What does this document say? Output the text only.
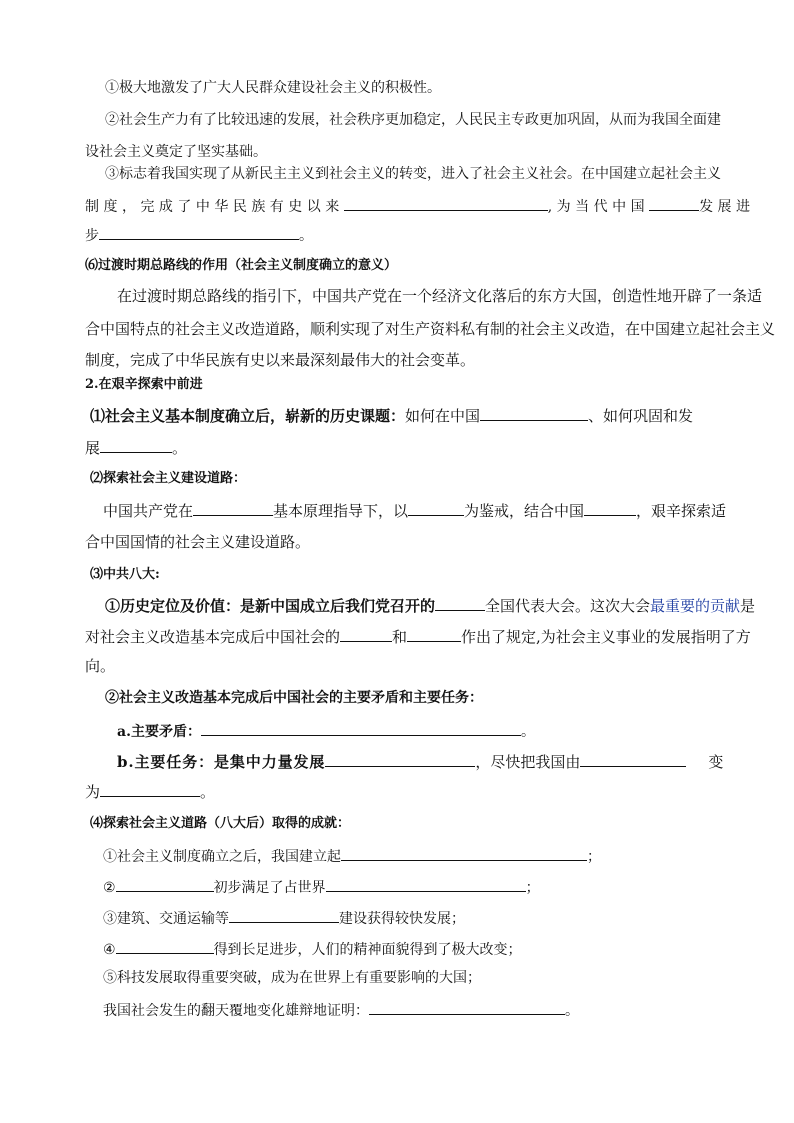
①极大地激发了广大人民群众建设社会主义的积极性。
②社会生产力有了比较迅速的发展，社会秩序更加稳定，人民民主专政更加巩固，从而为我国全面建
设社会主义奠定了坚实基础。
③标志着我国实现了从新民主主义到社会主义的转变，进入了社会主义社会。在中国建立起社会主义
制度，完成了中华民族有史以来	,为当代中国	发展进
步	。
⑹过渡时期总路线的作用（社会主义制度确立的意义）
在过渡时期总路线的指引下，中国共产党在一个经济文化落后的东方大国，创造性地开辟了一条适
合中国特点的社会主义改造道路，顺利实现了对生产资料私有制的社会主义改造，在中国建立起社会主义
制度，完成了中华民族有史以来最深刻最伟大的社会变革。
2.在艰辛探索中前进
⑴社会主义基本制度确立后，崭新的历史课题：如何在中国	、如何巩固和发
展	。
⑵探索社会主义建设道路：
中国共产党在	基本原理指导下，以	为鉴戒，结合中国	，艰辛探索适
合中国国情的社会主义建设道路。
⑶中共八大:
①历史定位及价值：是新中国成立后我们党召开的	全国代表大会。这次大会最重要的贡献是
对社会主义改造基本完成后中国社会的	和	作出了规定,为社会主义事业的发展指明了方
向。
②社会主义改造基本完成后中国社会的主要矛盾和主要任务：
a.主要矛盾：	。
b.主要任务：是集中力量发展	，尽快把我国由	变
为	。
⑷探索社会主义道路（八大后）取得的成就：
①社会主义制度确立之后，我国建立起	；
②	初步满足了占世界	；
③建筑、交通运输等	建设获得较快发展；
④	得到长足进步，人们的精神面貌得到了极大改变；
⑤科技发展取得重要突破，成为在世界上有重要影响的大国；
我国社会发生的翻天覆地变化雄辩地证明：	。
